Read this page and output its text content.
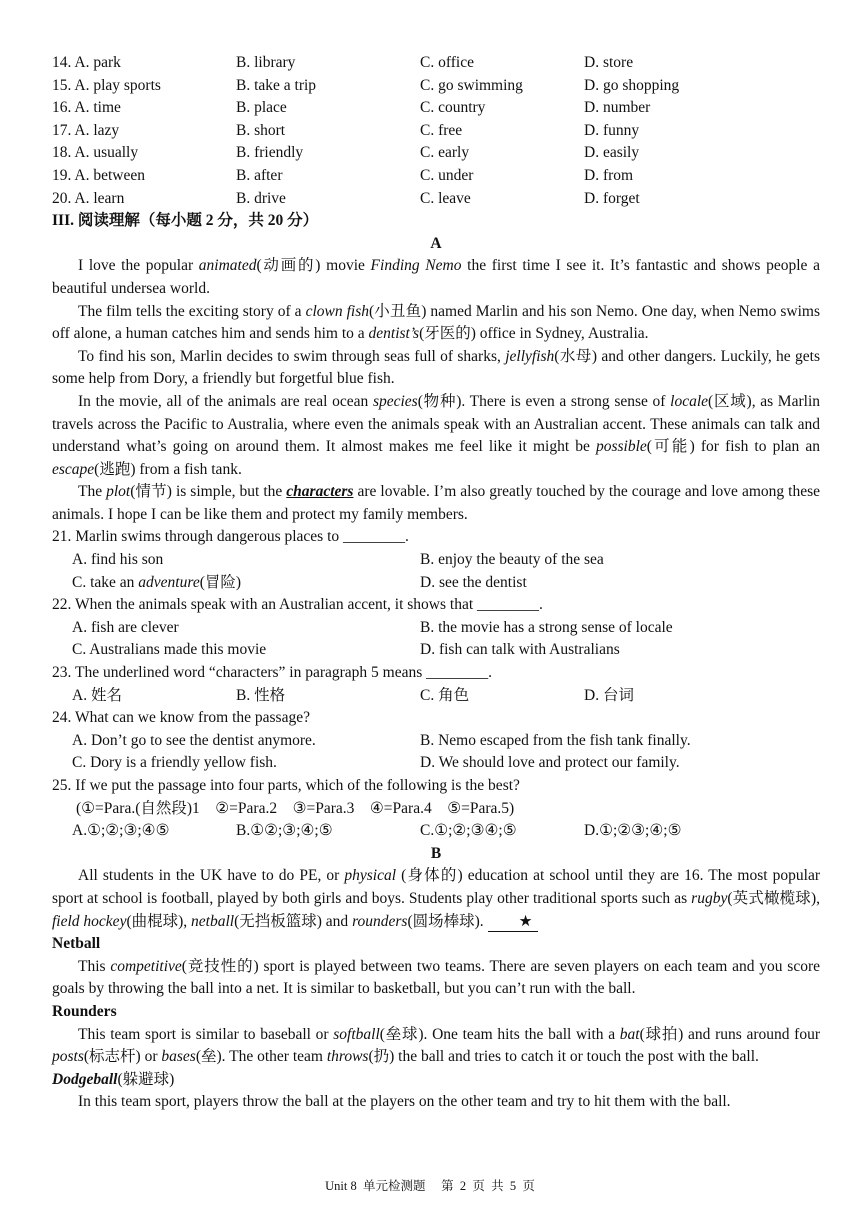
14. A. park	B. library	C. office	D. store
15. A. play sports	B. take a trip	C. go swimming	D. go shopping
16. A. time	B. place	C. country	D. number
17. A. lazy	B. short	C. free	D. funny
18. A. usually	B. friendly	C. early	D. easily
19. A. between	B. after	C. under	D. from
20. A. learn	B. drive	C. leave	D. forget
III. 阅读理解（每小题 2 分，共 20 分）
A

I love the popular animated(动画的) movie Finding Nemo the first time I see it. It’s fantastic and shows people a beautiful undersea world.

The film tells the exciting story of a clown fish(小丑鱼) named Marlin and his son Nemo. One day, when Nemo swims off alone, a human catches him and sends him to a dentist’s(牙医的) office in Sydney, Australia.

To find his son, Marlin decides to swim through seas full of sharks, jellyfish(水母) and other dangers. Luckily, he gets some help from Dory, a friendly but forgetful blue fish.

In the movie, all of the animals are real ocean species(物种). There is even a strong sense of locale(区域), as Marlin travels across the Pacific to Australia, where even the animals speak with an Australian accent. These animals can talk and understand what’s going on around them. It almost makes me feel like it might be possible(可能) for fish to plan an escape(逃跑) from a fish tank.

The plot(情节) is simple, but the characters are lovable. I’m also greatly touched by the courage and love among these animals. I hope I can be like them and protect my family members.

21. Marlin swims through dangerous places to ________.
A. find his son	B. enjoy the beauty of the sea
C. take an adventure(冒险)	D. see the dentist
22. When the animals speak with an Australian accent, it shows that ________.
A. fish are clever	B. the movie has a strong sense of locale
C. Australians made this movie	D. fish can talk with Australians
23. The underlined word “characters” in paragraph 5 means ________.
A. 姓名	B. 性格	C. 角色	D. 台词
24. What can we know from the passage?
A. Don’t go to see the dentist anymore.	B. Nemo escaped from the fish tank finally.
C. Dory is a friendly yellow fish.	D. We should love and protect our family.
25. If we put the passage into four parts, which of the following is the best?
(①=Para.(自然段)1    ②=Para.2    ③=Para.3    ④=Para.4    ⑤=Para.5)
A.①;②;③;④⑤	B.①②;③;④;⑤	C.①;②;③④;⑤	D.①;②③;④;⑤
B

All students in the UK have to do PE, or physical (身体的) education at school until they are 16. The most popular sport at school is football, played by both girls and boys. Students play other traditional sports such as rugby(英式橄榄球), field hockey(曲棍球), netball(无挡板篮球) and rounders(圆场棒球). ★

Netball

This competitive(竞技性的) sport is played between two teams. There are seven players on each team and you score goals by throwing the ball into a net. It is similar to basketball, but you can’t run with the ball.

Rounders

This team sport is similar to baseball or softball(垒球). One team hits the ball with a bat(球拍) and runs around four posts(标志杆) or bases(垒). The other team throws(扔) the ball and tries to catch it or touch the post with the ball.

Dodgeball(躲避球)

In this team sport, players throw the ball at the players on the other team and try to hit them with the ball.

Unit 8  单元检测题     第  2  页  共  5  页
